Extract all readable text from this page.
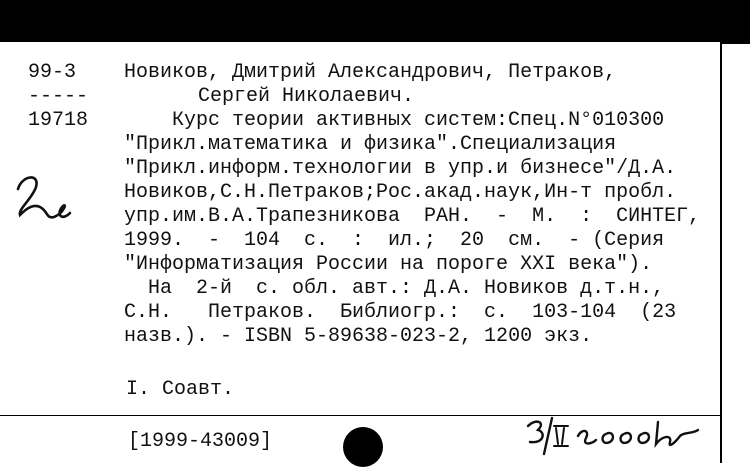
99-3
-----
19718
Новиков, Дмитрий Александрович, Петраков,
Сергей Николаевич.
Курс теории активных систем:Спец.N°010300
"Прикл.математика и физика".Специализация
"Прикл.информ.технологии в упр.и бизнесе"/Д.А.
Новиков,С.Н.Петраков;Рос.акад.наук,Ин-т пробл.
упр.им.В.А.Трапезникова  РАН.  -  М.  :  СИНТЕГ,
1999.  -  104  с.  :  ил.;  20  см.  - (Серия
"Информатизация России на пороге XXI века").
На  2-й  с. обл. авт.: Д.А. Новиков д.т.н.,
С.Н.   Петраков.  Библиогр.:  с.  103-104  (23
назв.). - ISBN 5-89638-023-2, 1200 экз.
I. Соавт.
[1999-43009]
